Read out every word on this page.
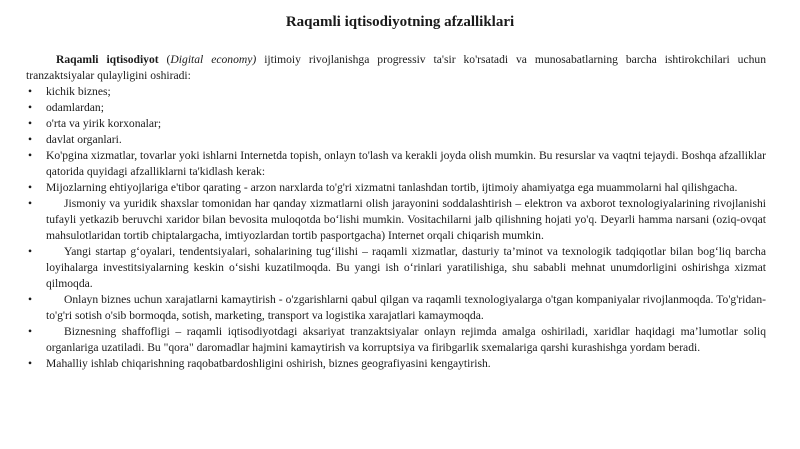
Raqamli iqtisodiyotning afzalliklari

Raqamli iqtisodiyot (Digital economy) ijtimoiy rivojlanishga progressiv ta'sir ko'rsatadi va munosabatlarning barcha ishtirokchilari uchun tranzaktsiyalar qulayligini oshiradi:

• kichik biznes;
• odamlardan;
• o'rta va yirik korxonalar;
• davlat organlari.
• Ko'pgina xizmatlar, tovarlar yoki ishlarni Internetda topish, onlayn to'lash va kerakli joyda olish mumkin. Bu resurslar va vaqtni tejaydi. Boshqa afzalliklar qatorida quyidagi afzalliklarni ta'kidlash kerak:
• Mijozlarning ehtiyojlariga e'tibor qarating - arzon narxlarda to'g'ri xizmatni tanlashdan tortib, ijtimoiy ahamiyatga ega muammolarni hal qilishgacha.
•	Jismoniy va yuridik shaxslar tomonidan har qanday xizmatlarni olish jarayonini soddalashtirish – elektron va axborot texnologiyalarining rivojlanishi tufayli yetkazib beruvchi xaridor bilan bevosita muloqotda bo‘lishi mumkin. Vositachilarni jalb qilishning hojati yo'q. Deyarli hamma narsani (oziq-ovqat mahsulotlaridan tortib chiptalargacha, imtiyozlardan tortib pasportgacha) Internet orqali chiqarish mumkin.
•	Yangi startap g‘oyalari, tendentsiyalari, sohalarining tug‘ilishi – raqamli xizmatlar, dasturiy ta’minot va texnologik tadqiqotlar bilan bog‘liq barcha loyihalarga investitsiyalarning keskin o‘sishi kuzatilmoqda. Bu yangi ish o‘rinlari yaratilishiga, shu sababli mehnat unumdorligini oshirishga xizmat qilmoqda.
•	Onlayn biznes uchun xarajatlarni kamaytirish - o'zgarishlarni qabul qilgan va raqamli texnologiyalarga o'tgan kompaniyalar rivojlanmoqda. To'g'ridan-to'g'ri sotish o'sib bormoqda, sotish, marketing, transport va logistika xarajatlari kamaymoqda.
•	Biznesning shaffofligi – raqamli iqtisodiyotdagi aksariyat tranzaktsiyalar onlayn rejimda amalga oshiriladi, xaridlar haqidagi ma’lumotlar soliq organlariga uzatiladi. Bu "qora" daromadlar hajmini kamaytirish va korruptsiya va firibgarlik sxemalariga qarshi kurashishga yordam beradi.
• Mahalliy ishlab chiqarishning raqobatbardoshligini oshirish, biznes geografiyasini kengaytirish.
